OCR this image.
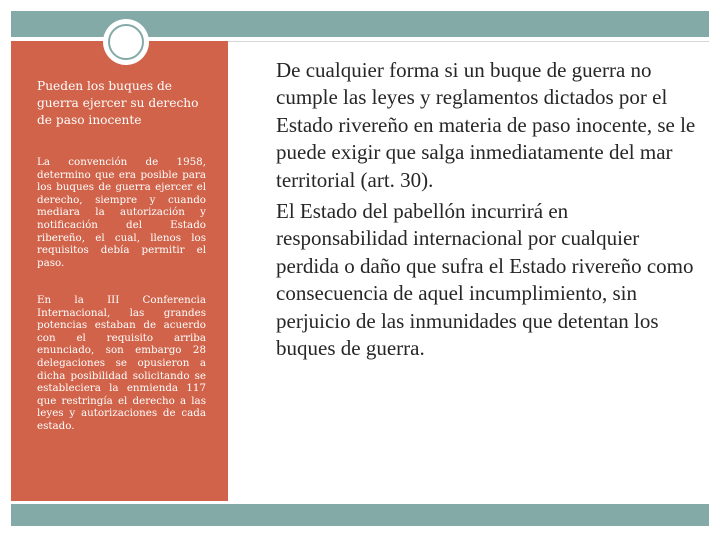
Pueden los buques de guerra ejercer su derecho de paso inocente

La convención de 1958, determino que era posible para los buques de guerra ejercer el derecho, siempre y cuando mediara la autorización y notificación del Estado ribereño, el cual, llenos los requisitos debía permitir el paso.

En la III Conferencia Internacional, las grandes potencias estaban de acuerdo con el requisito arriba enunciado, son embargo 28 delegaciones se opusieron a dicha posibilidad solicitando se estableciera la enmienda 117 que restringía el derecho a las leyes y autorizaciones de cada estado.

De cualquier forma si un buque de guerra no cumple las leyes y reglamentos dictados por el Estado rivereño en materia de paso inocente, se le puede exigir que salga inmediatamente del mar territorial (art. 30).
El Estado del pabellón incurrirá en responsabilidad internacional por cualquier perdida o daño que sufra el Estado rivereño como consecuencia de aquel incumplimiento, sin perjuicio de las inmunidades que detentan los buques de guerra.
